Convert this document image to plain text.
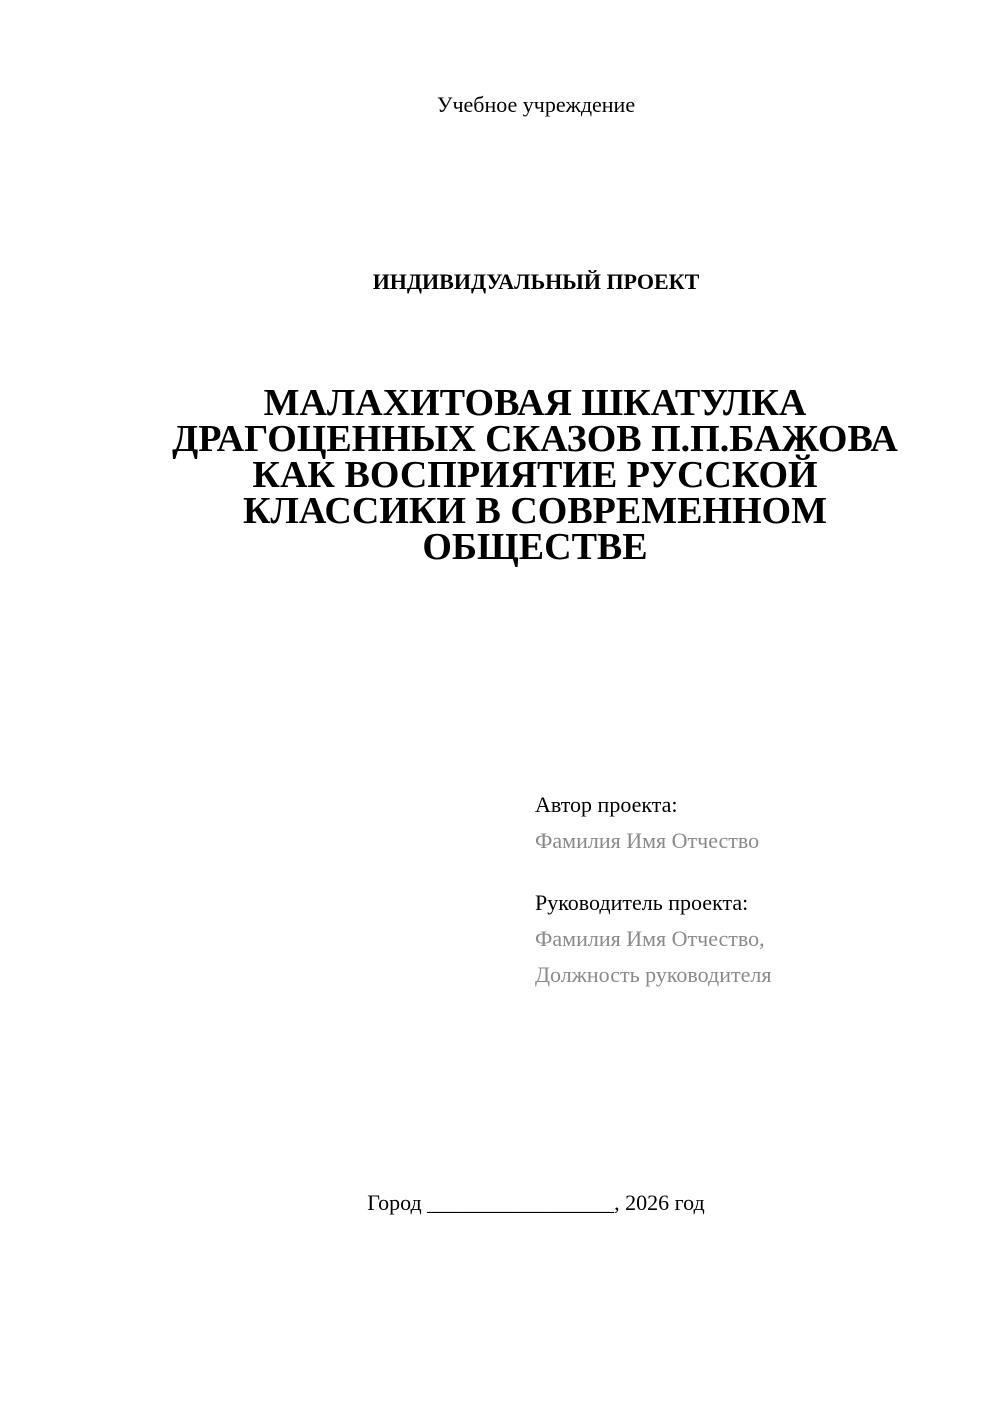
Учебное учреждение
ИНДИВИДУАЛЬНЫЙ ПРОЕКТ
МАЛАХИТОВАЯ ШКАТУЛКА
ДРАГОЦЕННЫХ СКАЗОВ П.П.БАЖОВА
КАК ВОСПРИЯТИЕ РУССКОЙ
КЛАССИКИ В СОВРЕМЕННОМ
ОБЩЕСТВЕ
Автор проекта:
Фамилия Имя Отчество
Руководитель проекта:
Фамилия Имя Отчество,
Должность руководителя
Город _________________, 2026 год
